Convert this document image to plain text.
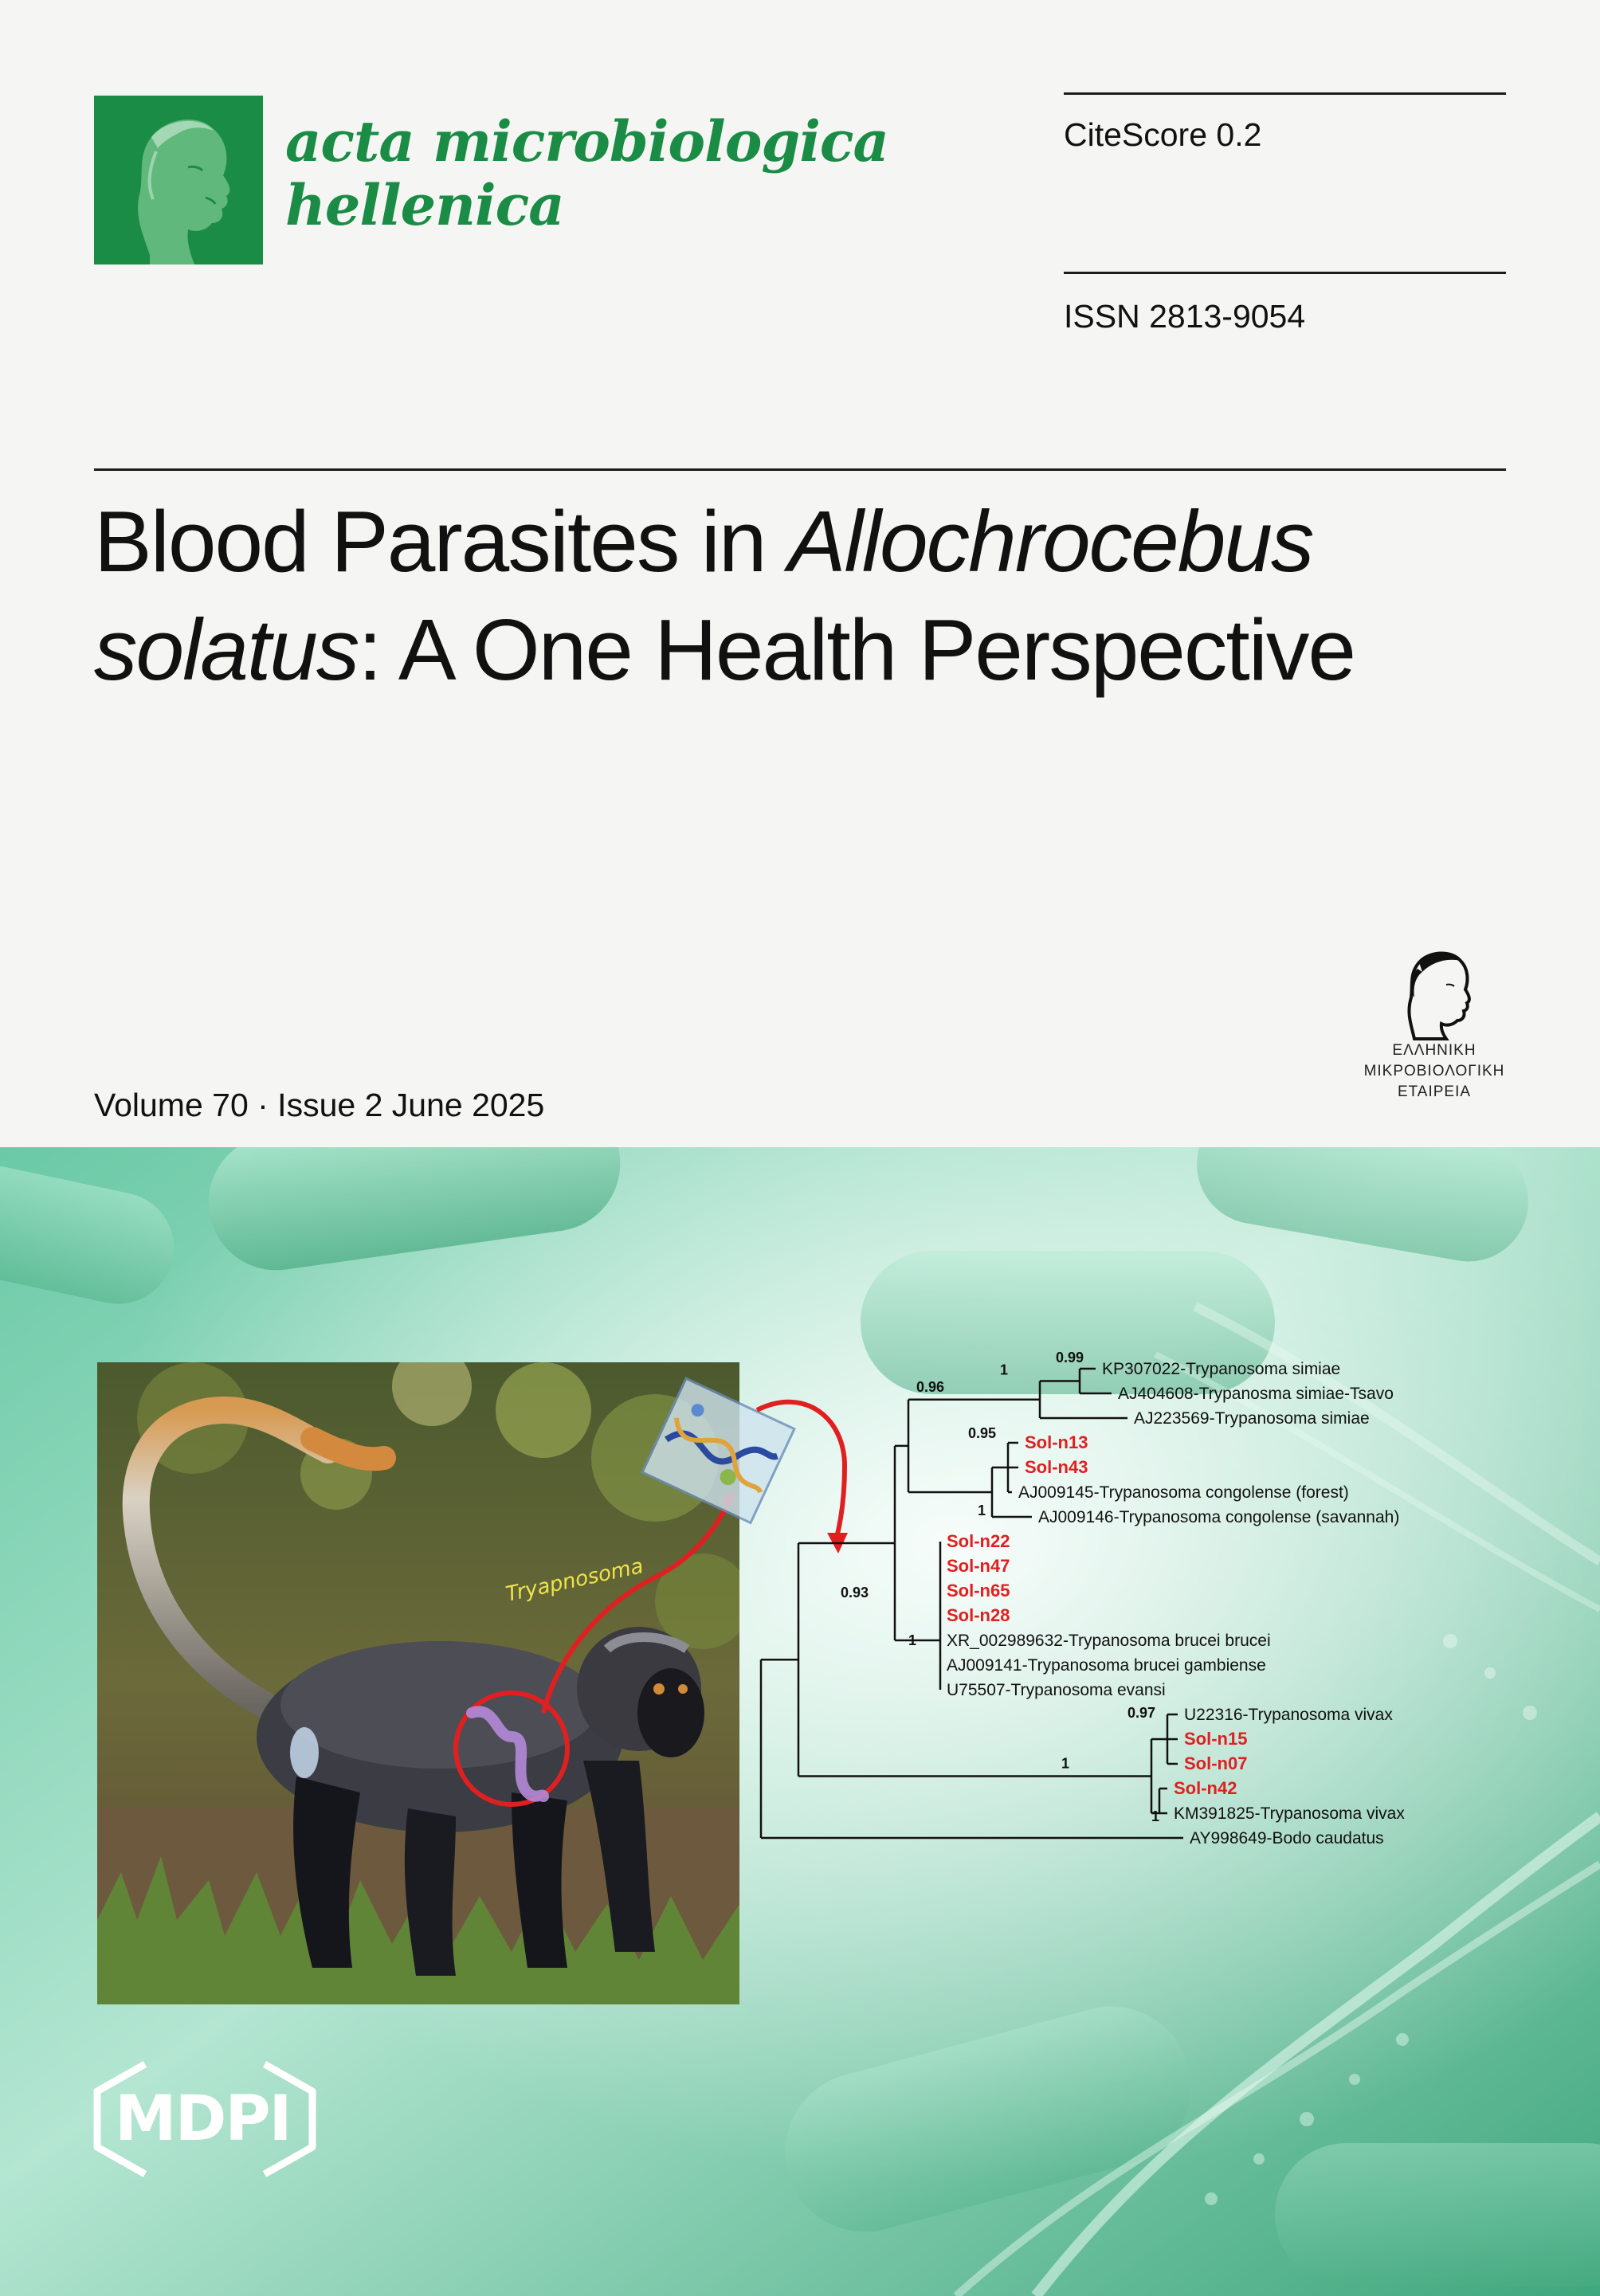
acta microbiologica
hellenica
CiteScore 0.2
ISSN 2813-9054
Blood Parasites in Allochrocebus
solatus: A One Health Perspective
Volume 70 · Issue 2 June 2025
ΕΛΛΗΝΙΚΗ
ΜΙΚΡΟΒΙΟΛΟΓΙΚΗ
ΕΤΑΙΡΕΙΑ
Tryapnosoma
0.99
1
0.95
1
0.96
1
0.93
0.97
1
1
KP307022-Trypanosoma simiae
AJ404608-Trypanosma simiae-Tsavo
AJ223569-Trypanosoma simiae
Sol-n13
Sol-n43
AJ009145-Trypanosoma congolense (forest)
AJ009146-Trypanosoma congolense (savannah)
Sol-n22
Sol-n47
Sol-n65
Sol-n28
XR_002989632-Trypanosoma brucei brucei
AJ009141-Trypanosoma brucei gambiense
U75507-Trypanosoma evansi
U22316-Trypanosoma vivax
Sol-n15
Sol-n07
Sol-n42
KM391825-Trypanosoma vivax
AY998649-Bodo caudatus
MDPI
